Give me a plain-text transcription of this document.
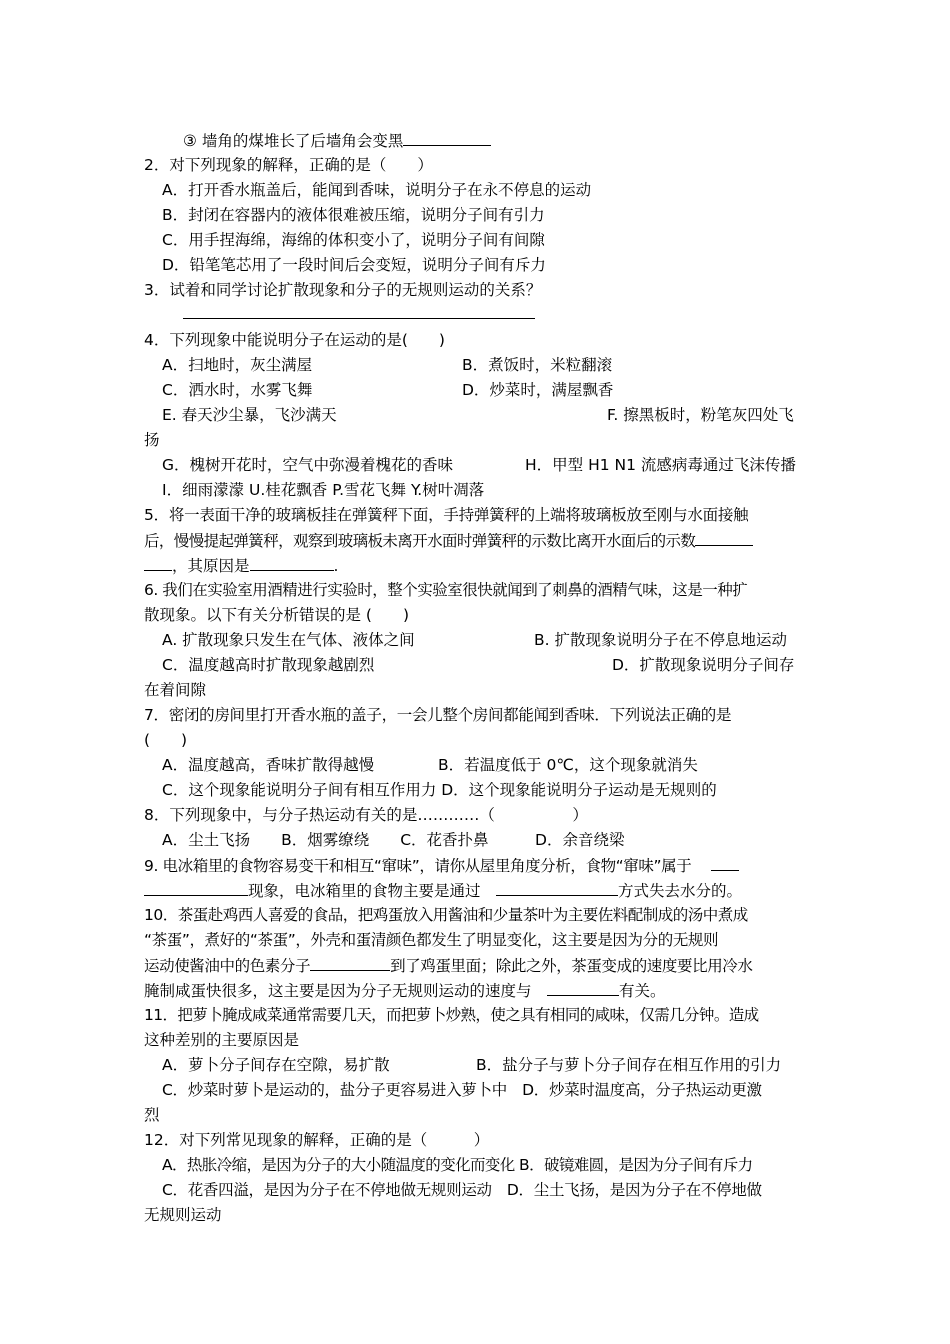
③ 墙角的煤堆长了后墙角会变黑

2．对下列现象的解释，正确的是（　　）

A．打开香水瓶盖后，能闻到香味，说明分子在永不停息的运动

B．封闭在容器内的液体很难被压缩，说明分子间有引力

C．用手捏海绵，海绵的体积变小了，说明分子间有间隙

D．铅笔笔芯用了一段时间后会变短，说明分子间有斥力

3．试着和同学讨论扩散现象和分子的无规则运动的关系？

4．下列现象中能说明分子在运动的是(　　)

A．扫地时，灰尘满屋	B．煮饭时，米粒翻滚

C．洒水时，水雾飞舞	D．炒菜时，满屋飘香

E. 春天沙尘暴，飞沙满天	F. 擦黑板时，粉笔灰四处飞

扬

G．槐树开花时，空气中弥漫着槐花的香味	H．甲型 H1 N1 流感病毒通过飞沫传播

I．细雨濛濛 U.桂花飘香 P.雪花飞舞 Y.树叶凋落

5．将一表面干净的玻璃板挂在弹簧秤下面，手持弹簧秤的上端将玻璃板放至刚与水面接触

后，慢慢提起弹簧秤，观察到玻璃板未离开水面时弹簧秤的示数比离开水面后的示数

，其原因是	.

6. 我们在实验室用酒精进行实验时，整个实验室很快就闻到了刺鼻的酒精气味，这是一种扩

散现象。以下有关分析错误的是 (　　)

A. 扩散现象只发生在气体、液体之间	B. 扩散现象说明分子在不停息地运动

C．温度越高时扩散现象越剧烈	D．扩散现象说明分子间存

在着间隙

7．密闭的房间里打开香水瓶的盖子，一会儿整个房间都能闻到香味．下列说法正确的是

(　　)

A．温度越高，香味扩散得越慢	B．若温度低于 0℃，这个现象就消失

C．这个现象能说明分子间有相互作用力 D．这个现象能说明分子运动是无规则的

8．下列现象中，与分子热运动有关的是…………（　　　　　）

A．尘土飞扬　　B．烟雾缭绕　　C．花香扑鼻　　　D．余音绕梁

9. 电冰箱里的食物容易变干和相互“窜味”，请你从屋里角度分析，食物“窜味”属于　

现象，电冰箱里的食物主要是通过　	方式失去水分的。

10．茶蛋赴鸡西人喜爱的食品，把鸡蛋放入用酱油和少量茶叶为主要佐料配制成的汤中煮成

“茶蛋”，煮好的“茶蛋”，外壳和蛋清颜色都发生了明显变化，这主要是因为分的无规则

运动使酱油中的色素分子	到了鸡蛋里面；除此之外，茶蛋变成的速度要比用冷水

腌制咸蛋快很多，这主要是因为分子无规则运动的速度与　	有关。

11．把萝卜腌成咸菜通常需要几天，而把萝卜炒熟，使之具有相同的咸味，仅需几分钟。造成

这种差别的主要原因是

A．萝卜分子间存在空隙，易扩散	B．盐分子与萝卜分子间存在相互作用的引力

C．炒菜时萝卜是运动的，盐分子更容易进入萝卜中　D．炒菜时温度高，分子热运动更激

烈

12．对下列常见现象的解释，正确的是（　　　）

A．热胀冷缩，是因为分子的大小随温度的变化而变化 B．破镜难圆，是因为分子间有斥力

C．花香四溢，是因为分子在不停地做无规则运动　D．尘土飞扬，是因为分子在不停地做

无规则运动
